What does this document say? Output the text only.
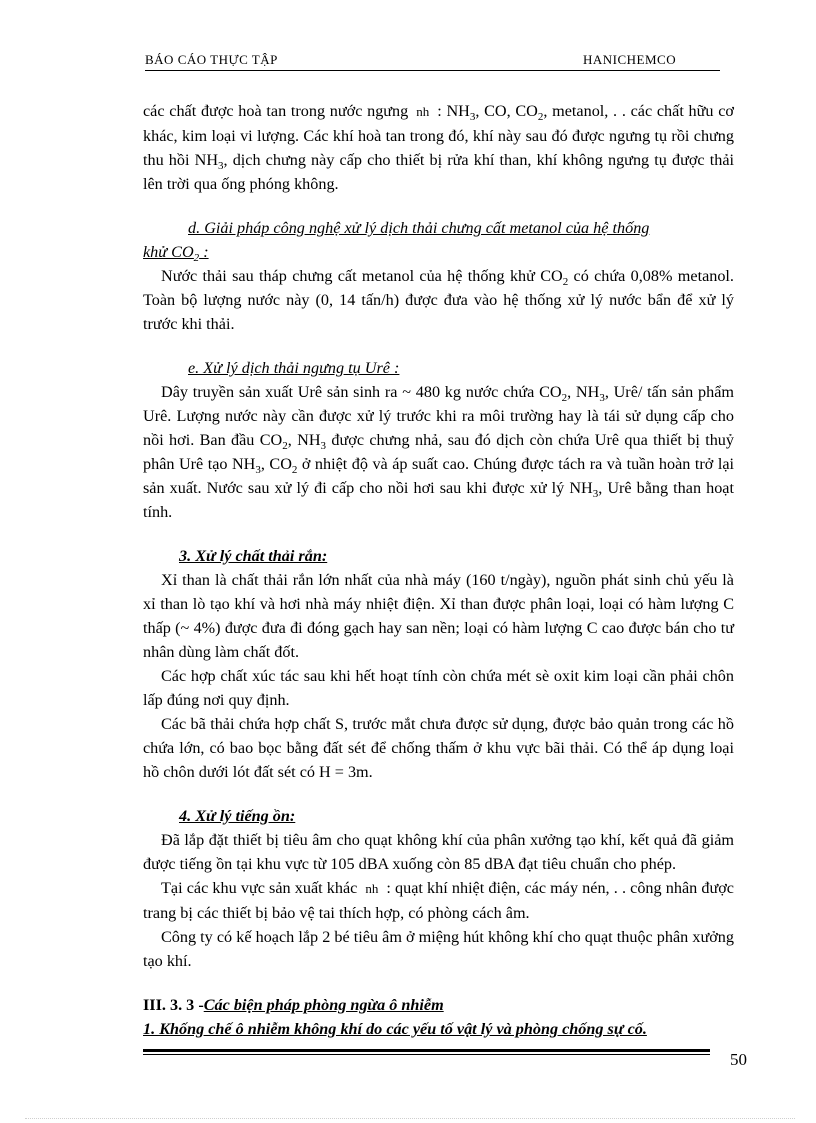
BÁO CÁO THỰC TẬP	HANICHEMCO

các chất được hoà tan trong nước ngưng nh : $NH_3$, CO, $CO_2$, metanol, . . các chất hữu cơ khác, kim loại vi lượng. Các khí hoà tan trong đó, khí này sau đó được ngưng tụ rồi chưng thu hồi $NH_3$, dịch chưng này cấp cho thiết bị rửa khí than, khí không ngưng tụ được thải lên trời qua ống phóng không.

d. Giải pháp công nghệ xử lý dịch thải chưng cất metanol của hệ thống

khử $CO_2$ :

Nước thải sau tháp chưng cất metanol của hệ thống khử $CO_2$ có chứa 0,08% metanol. Toàn bộ lượng nước này (0, 14 tấn/h) được đưa vào hệ thống xử lý nước bẩn để xử lý trước khi thải.

e. Xử lý dịch thải ngưng tụ Urê :

Dây truyền sản xuất Urê sản sinh ra ~ 480 kg nước chứa $CO_2$, $NH_3$, Urê/ tấn sản phẩm Urê. Lượng nước này cần được xử lý trước khi ra môi trường hay là tái sử dụng cấp cho nồi hơi. Ban đầu $CO_2$, $NH_3$ được chưng nhả, sau đó dịch còn chứa Urê qua thiết bị thuỷ phân Urê tạo $NH_3$, $CO_2$ ở nhiệt độ và áp suất cao. Chúng được tách ra và tuần hoàn trở lại sản xuất. Nước sau xử lý đi cấp cho nồi hơi sau khi được xử lý $NH_3$, Urê bằng than hoạt tính.

3. Xử lý chất thải rắn:

Xỉ than là chất thải rắn lớn nhất của nhà máy (160 t/ngày), nguồn phát sinh chủ yếu là xỉ than lò tạo khí và hơi nhà máy nhiệt điện. Xỉ than được phân loại, loại có hàm lượng C thấp (~ 4%) được đưa đi đóng gạch hay san nền; loại có hàm lượng C cao được bán cho tư nhân dùng làm chất đốt.

Các hợp chất xúc tác sau khi hết hoạt tính còn chứa mét sè oxit kim loại cần phải chôn lấp đúng nơi quy định.

Các bã thải chứa hợp chất S, trước mắt chưa được sử dụng, được bảo quản trong các hồ chứa lớn, có bao bọc bằng đất sét để chống thấm ở khu vực bãi thải. Có thể áp dụng loại hồ chôn dưới lót đất sét có H = 3m.

4. Xử lý tiếng ồn:

Đã lắp đặt thiết bị tiêu âm cho quạt không khí của phân xưởng tạo khí, kết quả đã giảm được tiếng ồn tại khu vực từ 105 dBA xuống còn 85 dBA đạt tiêu chuẩn cho phép.

Tại các khu vực sản xuất khác nh : quạt khí nhiệt điện, các máy nén, . . công nhân được trang bị các thiết bị bảo vệ tai thích hợp, có phòng cách âm.

Công ty có kế hoạch lắp 2 bé tiêu âm ở miệng hút không khí cho quạt thuộc phân xưởng tạo khí.

III. 3. 3 -Các biện pháp phòng ngừa ô nhiễm

1. Khống chế ô nhiễm không khí do các yếu tố vật lý và phòng chống sự cố.

50
